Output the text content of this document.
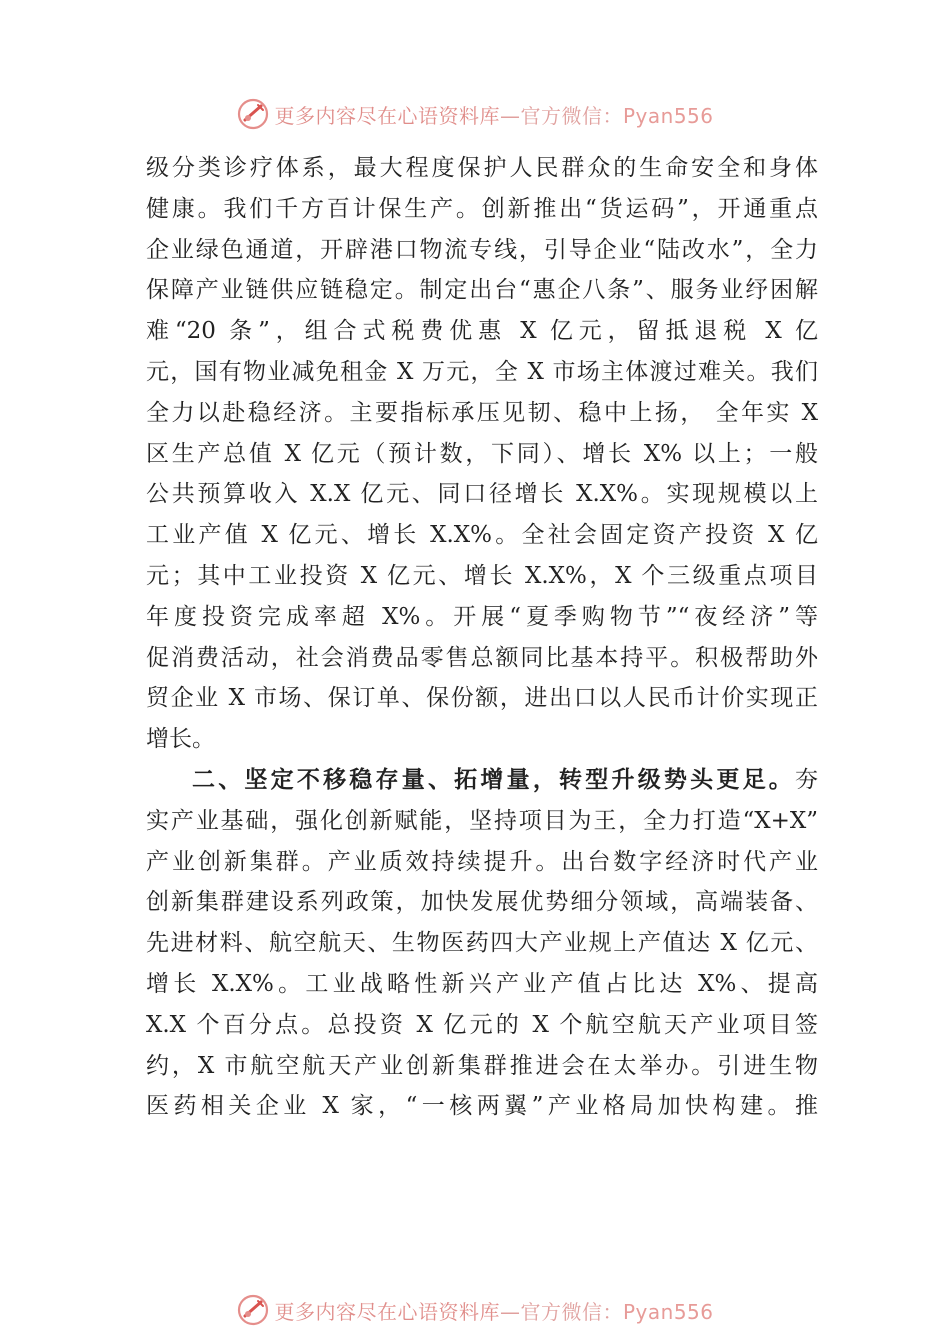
更多内容尽在心语资料库—官方微信：Pyan556
级分类诊疗体系，最大程度保护人民群众的生命安全和身体
健康。我们千方百计保生产。创新推出“货运码”，开通重点
企业绿色通道，开辟港口物流专线，引导企业“陆改水”，全力
保障产业链供应链稳定。制定出台“惠企八条”、服务业纾困解
难“20 条”，组合式税费优惠 X 亿元，留抵退税 X 亿
元，国有物业减免租金 X 万元，全 X 市场主体渡过难关。我们
全力以赴稳经济。主要指标承压见韧、稳中上扬， 全年实 X
区生产总值 X 亿元（预计数，下同）、增长 X% 以上；一般
公共预算收入 X.X 亿元、同口径增长 X.X%。实现规模以上
工业产值 X 亿元、增长 X.X%。全社会固定资产投资 X 亿
元；其中工业投资 X 亿元、增长 X.X%，X 个三级重点项目
年度投资完成率超 X%。开展“夏季购物节”“夜经济”等
促消费活动，社会消费品零售总额同比基本持平。积极帮助外
贸企业 X 市场、保订单、保份额，进出口以人民币计价实现正
增长。
二、坚定不移稳存量、拓增量，转型升级势头更足。夯
实产业基础，强化创新赋能，坚持项目为王，全力打造“X+X”
产业创新集群。产业质效持续提升。出台数字经济时代产业
创新集群建设系列政策，加快发展优势细分领域，高端装备、
先进材料、航空航天、生物医药四大产业规上产值达 X 亿元、
增长 X.X%。工业战略性新兴产业产值占比达 X%、提高
X.X 个百分点。总投资 X 亿元的 X 个航空航天产业项目签
约，X 市航空航天产业创新集群推进会在太举办。引进生物
医药相关企业 X 家，“一核两翼”产业格局加快构建。推
更多内容尽在心语资料库—官方微信：Pyan556
